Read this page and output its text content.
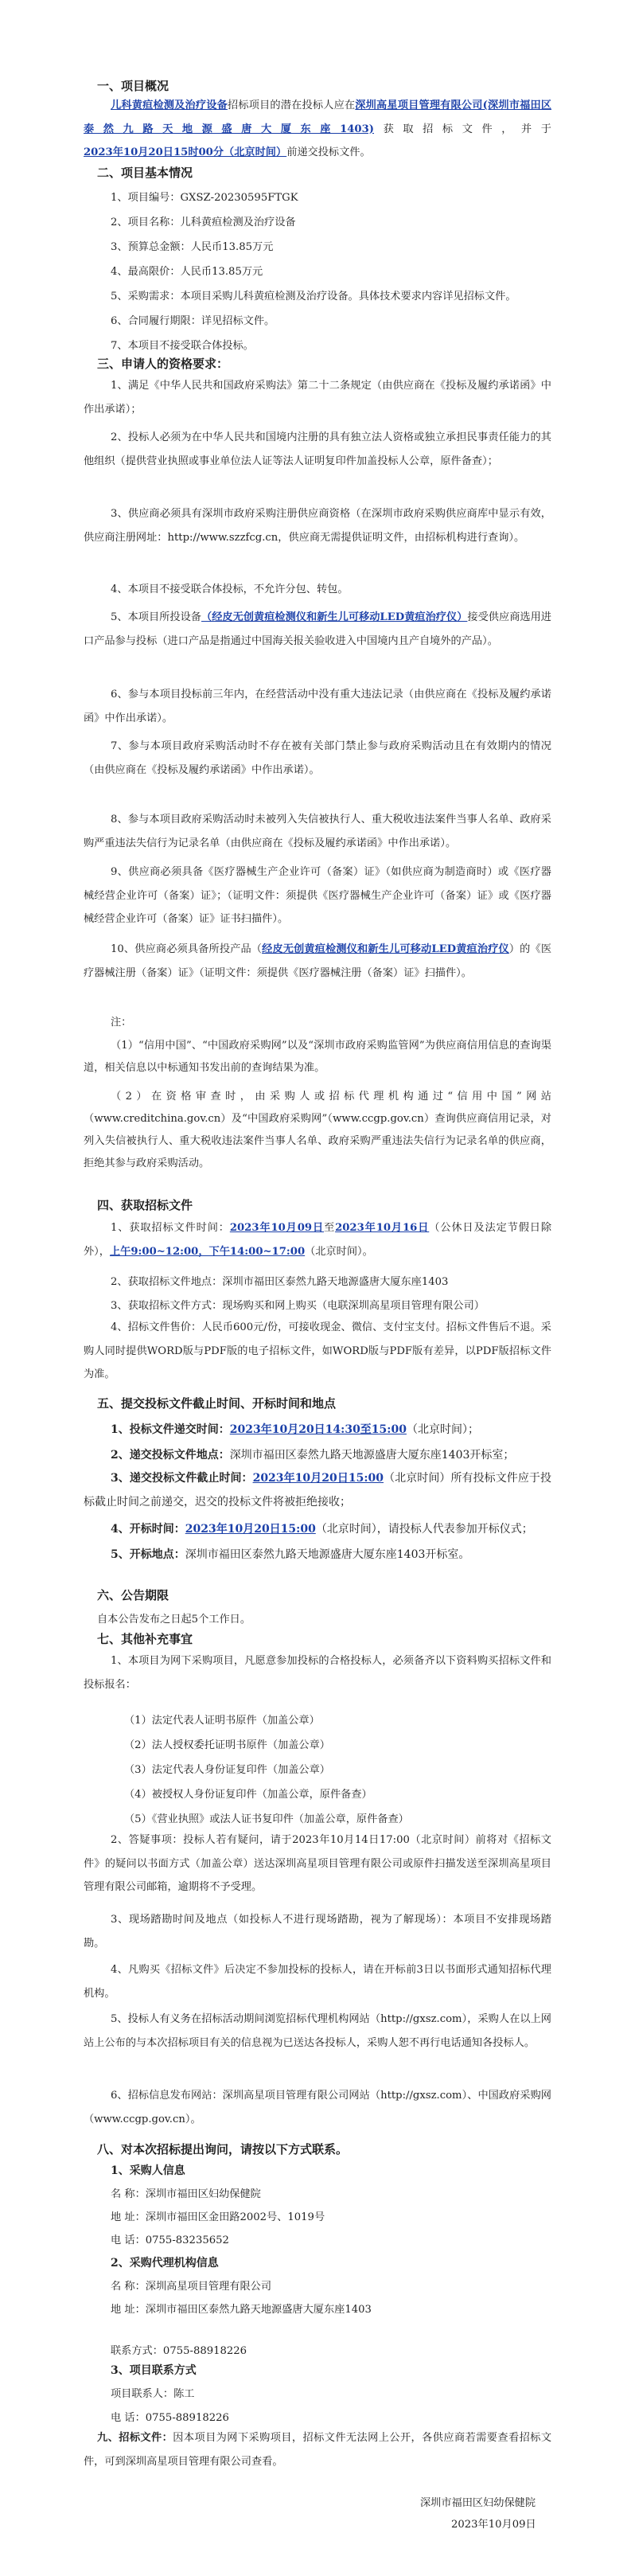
一、项目概况
儿科黄疸检测及治疗设备招标项目的潜在投标人应在深圳高星项目管理有限公司(深圳市福田区泰然九路天地源盛唐大厦东座1403)获取招标文件，并于 2023年10月20日15时00分（北京时间）前递交投标文件。
二、项目基本情况
1、项目编号：GXSZ-20230595FTGK
2、项目名称：儿科黄疸检测及治疗设备
3、预算总金额：人民币13.85万元
4、最高限价：人民币13.85万元
5、采购需求：本项目采购儿科黄疸检测及治疗设备。具体技术要求内容详见招标文件。
6、合同履行期限：详见招标文件。
7、本项目不接受联合体投标。
三、申请人的资格要求：
1、满足《中华人民共和国政府采购法》第二十二条规定（由供应商在《投标及履约承诺函》中作出承诺）；
2、投标人必须为在中华人民共和国境内注册的具有独立法人资格或独立承担民事责任能力的其他组织（提供营业执照或事业单位法人证等法人证明复印件加盖投标人公章，原件备查）；
3、供应商必须具有深圳市政府采购注册供应商资格（在深圳市政府采购供应商库中显示有效，供应商注册网址：http://www.szzfcg.cn，供应商无需提供证明文件，由招标机构进行查询）。
4、本项目不接受联合体投标，不允许分包、转包。
5、本项目所投设备（经皮无创黄疸检测仪和新生儿可移动LED黄疸治疗仪）接受供应商选用进口产品参与投标（进口产品是指通过中国海关报关验收进入中国境内且产自境外的产品）。
6、参与本项目投标前三年内，在经营活动中没有重大违法记录（由供应商在《投标及履约承诺函》中作出承诺）。
7、参与本项目政府采购活动时不存在被有关部门禁止参与政府采购活动且在有效期内的情况（由供应商在《投标及履约承诺函》中作出承诺）。
8、参与本项目政府采购活动时未被列入失信被执行人、重大税收违法案件当事人名单、政府采购严重违法失信行为记录名单（由供应商在《投标及履约承诺函》中作出承诺）。
9、供应商必须具备《医疗器械生产企业许可（备案）证》（如供应商为制造商时）或《医疗器械经营企业许可（备案）证》；（证明文件：须提供《医疗器械生产企业许可（备案）证》或《医疗器械经营企业许可（备案）证》证书扫描件）。
10、供应商必须具备所投产品（经皮无创黄疸检测仪和新生儿可移动LED黄疸治疗仪）的《医疗器械注册（备案）证》（证明文件：须提供《医疗器械注册（备案）证》扫描件）。
注：
（1）“信用中国”、“中国政府采购网”以及“深圳市政府采购监管网”为供应商信用信息的查询渠道，相关信息以中标通知书发出前的查询结果为准。
（2）在资格审查时，由采购人或招标代理机构通过“信用中国”网站（www.creditchina.gov.cn）及“中国政府采购网”（www.ccgp.gov.cn）查询供应商信用记录，对列入失信被执行人、重大税收违法案件当事人名单、政府采购严重违法失信行为记录名单的供应商，拒绝其参与政府采购活动。
四、获取招标文件
1、获取招标文件时间：2023年10月09日至2023年10月16日（公休日及法定节假日除外），上午9:00~12:00，下午14:00~17:00（北京时间）。
2、获取招标文件地点：深圳市福田区泰然九路天地源盛唐大厦东座1403
3、获取招标文件方式：现场购买和网上购买（电联深圳高星项目管理有限公司）
4、招标文件售价：人民币600元/份，可接收现金、微信、支付宝支付。招标文件售后不退。采购人同时提供WORD版与PDF版的电子招标文件，如WORD版与PDF版有差异，以PDF版招标文件为准。
五、提交投标文件截止时间、开标时间和地点
1、投标文件递交时间：2023年10月20日14:30至15:00（北京时间）；
2、递交投标文件地点：深圳市福田区泰然九路天地源盛唐大厦东座1403开标室；
3、递交投标文件截止时间：2023年10月20日15:00（北京时间）所有投标文件应于投标截止时间之前递交，迟交的投标文件将被拒绝接收；
4、开标时间：2023年10月20日15:00（北京时间），请投标人代表参加开标仪式；
5、开标地点：深圳市福田区泰然九路天地源盛唐大厦东座1403开标室。
六、公告期限
自本公告发布之日起5个工作日。
七、其他补充事宜
1、本项目为网下采购项目，凡愿意参加投标的合格投标人，必须备齐以下资料购买招标文件和投标报名：
（1）法定代表人证明书原件（加盖公章）
（2）法人授权委托证明书原件（加盖公章）
（3）法定代表人身份证复印件（加盖公章）
（4）被授权人身份证复印件（加盖公章，原件备查）
（5）《营业执照》或法人证书复印件（加盖公章，原件备查）
2、答疑事项：投标人若有疑问，请于2023年10月14日17:00（北京时间）前将对《招标文件》的疑问以书面方式（加盖公章）送达深圳高星项目管理有限公司或原件扫描发送至深圳高星项目管理有限公司邮箱，逾期将不予受理。
3、现场踏勘时间及地点（如投标人不进行现场踏勘，视为了解现场）：本项目不安排现场踏勘。
4、凡购买《招标文件》后决定不参加投标的投标人，请在开标前3日以书面形式通知招标代理机构。
5、投标人有义务在招标活动期间浏览招标代理机构网站（http://gxsz.com），采购人在以上网站上公布的与本次招标项目有关的信息视为已送达各投标人，采购人恕不再行电话通知各投标人。
6、招标信息发布网站：深圳高星项目管理有限公司网站（http://gxsz.com）、中国政府采购网（www.ccgp.gov.cn）。
八、对本次招标提出询问，请按以下方式联系。
1、采购人信息
名 称：深圳市福田区妇幼保健院
地 址：深圳市福田区金田路2002号、1019号
电 话：0755-83235652
2、采购代理机构信息
名 称：深圳高星项目管理有限公司
地 址：深圳市福田区泰然九路天地源盛唐大厦东座1403
联系方式：0755-88918226
3、项目联系方式
项目联系人：陈工
电 话：0755-88918226
九、招标文件：因本项目为网下采购项目，招标文件无法网上公开，各供应商若需要查看招标文件，可到深圳高星项目管理有限公司查看。
深圳市福田区妇幼保健院
2023年10月09日
